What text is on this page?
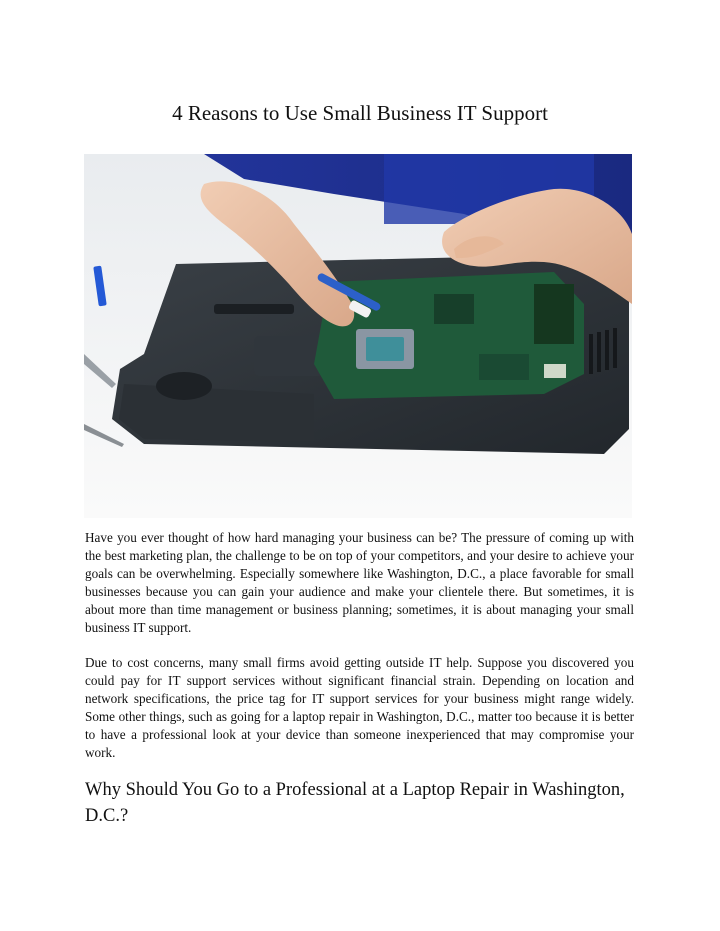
4 Reasons to Use Small Business IT Support

Have you ever thought of how hard managing your business can be? The pressure of coming up with the best marketing plan, the challenge to be on top of your competitors, and your desire to achieve your goals can be overwhelming. Especially somewhere like Washington, D.C., a place favorable for small businesses because you can gain your audience and make your clientele there. But sometimes, it is about more than time management or business planning; sometimes, it is about managing your small business IT support.

Due to cost concerns, many small firms avoid getting outside IT help. Suppose you discovered you could pay for IT support services without significant financial strain. Depending on location and network specifications, the price tag for IT support services for your business might range widely. Some other things, such as going for a laptop repair in Washington, D.C., matter too because it is better to have a professional look at your device than someone inexperienced that may compromise your work.

Why Should You Go to a Professional at a Laptop Repair in Washington, D.C.?
